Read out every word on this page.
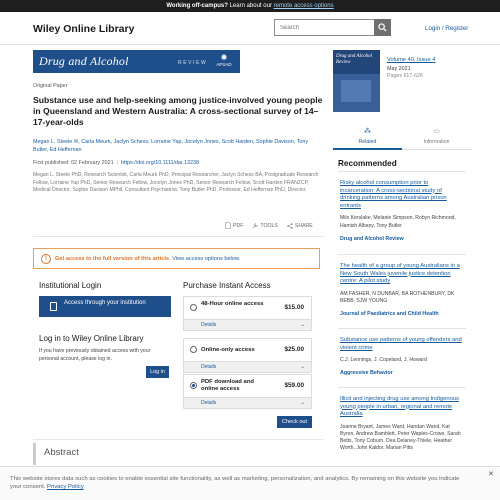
Working off-campus? Learn about our remote access options
Wiley Online Library
Search	Login / Register
Drug and Alcohol	REVIEW
✺
APSAD
Original Paper
Substance use and help-seeking among justice-involved young people in Queensland and Western Australia: A cross-sectional survey of 14–17-year-olds
Megan L. Steele ✉, Carla Meurk, Jaclyn Schess, Lorraine Yap, Jocelyn Jones, Scott Harden, Sophie Davison, Tony Butler, Ed Heffernan
First published: 02 February 2021 | https://doi.org/10.1111/dar.13238
Megan L. Steele PhD, Research Scientist, Carla Meurk PhD, Principal Researcher, Jaclyn Schess BA, Postgraduate Research Fellow, Lorraine Yap PhD, Senior Research Fellow, Jocelyn Jones PhD, Senior Research Fellow, Scott Harden FRANZCP, Medical Director, Sophie Davison MPhil, Consultant Psychiatrist, Tony Butler PhD, Professor, Ed Heffernan PhD, Director.
PDF	TOOLS	SHARE
!	Get access to the full version of this article. View access options below.
Institutional Login
Access through your institution
Log in to Wiley Online Library
If you have previously obtained access with your personal account, please log in.
Log in
Purchase Instant Access
48-Hour online access	$15.00
Details	⌄
Online-only access	$25.00
Details	⌄
PDF download and online access
$59.00
Details	⌄
Check out
Abstract
Drug and Alcohol Review	Volume 40, Issue 4
May 2021
Pages 617-626
⁂
Related
▭
Information
Recommended
Risky alcohol consumption prior to incarceration: A cross-sectional study of drinking patterns among Australian prison entrants
Milo Kerslake, Melanie Simpson, Robyn Richmond, Hamish Albany, Tony Butler
Drug and Alcohol Review
The health of a group of young Australians in a New South Wales juvenile justice detention centre: A pilot study
AM FASHER, N DUNBAR, BA ROTHENBURY, DK BEBB, SJW YOUNG
Journal of Paediatrics and Child Health
Substance use patterns of young offenders and violent crime
C.J. Lennings, J. Copeland, J. Howard
Aggressive Behavior
Illicit and injecting drug use among Indigenous young people in urban, regional and remote Australia
Joanne Bryant, James Ward, Handan Wand, Kat Byron, Andrew Bamblett, Peter Waples-Crowe, Sarah Betts, Tony Coburn, Dea Delaney-Thiele, Heather Worth, John Kaldor, Marian Pitts
This website stores data such as cookies to enable essential site functionality, as well as marketing, personalization, and analytics. By remaining on this website you indicate your consent. Privacy Policy
✕
